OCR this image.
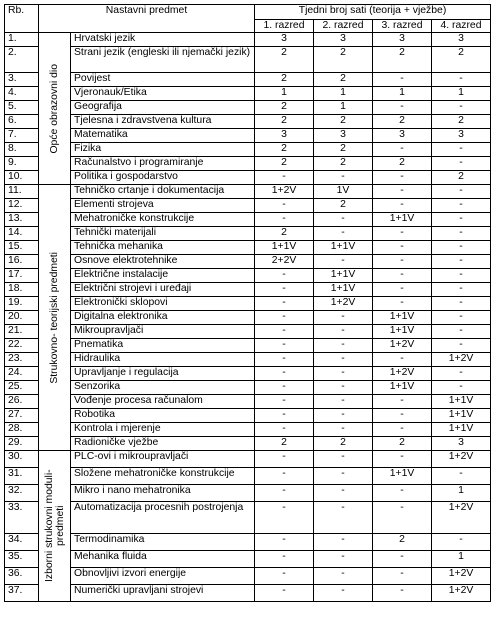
Rb.	Nastavni predmet		Tjedni broj sati (teorija + vježbe)			
			1. razred	2. razred	3. razred	4. razred
1.	Opće obrazovni dio	Hrvatski jezik	3	3	3	3
2.		Strani jezik (engleski ili njemački jezik)	2	2	2	2
3.		Povijest	2	2	-	-
4.		Vjeronauk/Etika	1	1	1	1
5.		Geografija	2	1	-	-
6.		Tjelesna i zdravstvena kultura	2	2	2	2
7.		Matematika	3	3	3	3
8.		Fizika	2	2	-	-
9.		Računalstvo i programiranje	2	2	2	-
10.		Politika i gospodarstvo	-	-	-	2
11.	Strukovno- teorijski predmeti	Tehničko crtanje i dokumentacija	1+2V	1V	-	-
12.		Elementi strojeva	-	2	-	-
13.		Mehatroničke konstrukcije	-	-	1+1V	-
14.		Tehnički materijali	2	-	-	-
15.		Tehnička mehanika	1+1V	1+1V	-	-
16.		Osnove elektrotehnike	2+2V	-	-	-
17.		Električne instalacije	-	1+1V	-	-
18.		Električni strojevi i uređaji	-	1+1V	-	-
19.		Elektronički sklopovi	-	1+2V	-	-
20.		Digitalna elektronika	-	-	1+1V	-
21.		Mikroupravljači	-	-	1+1V	-
22.		Pnematika	-	-	1+2V	-
23.		Hidraulika	-	-	-	1+2V
24.		Upravljanje i regulacija	-	-	1+2V	-
25.		Senzorika	-	-	1+1V	-
26.		Vođenje procesa računalom	-	-	-	1+1V
27.		Robotika	-	-	-	1+1V
28.		Kontrola i mjerenje	-	-	-	1+1V
29.		Radioničke vježbe	2	2	2	3
30.	Izborni strukovni moduli-predmeti	PLC-ovi i mikroupravljači	-	-	-	1+2V
31.		Složene mehatroničke konstrukcije	-	-	1+1V	-
32.		Mikro i nano mehatronika	-	-	-	1
33.		Automatizacija procesnih postrojenja	-	-	-	1+2V
34.		Termodinamika	-	-	2	-
35.		Mehanika fluida	-	-	-	1
36.		Obnovljivi izvori energije	-	-	-	1+2V
37.		Numerički upravljani strojevi	-	-	-	1+2V
